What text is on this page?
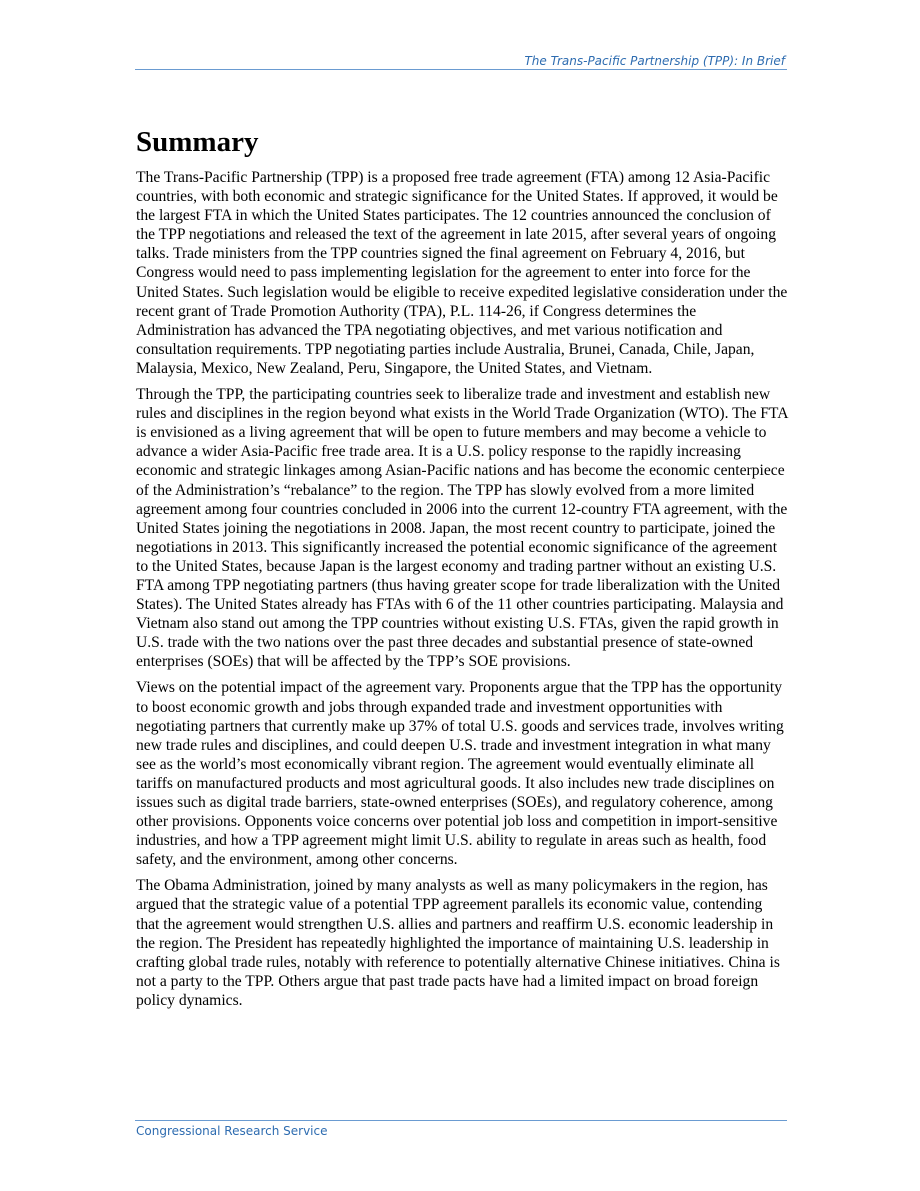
The Trans-Pacific Partnership (TPP): In Brief
Summary

The Trans-Pacific Partnership (TPP) is a proposed free trade agreement (FTA) among 12 Asia-Pacific countries, with both economic and strategic significance for the United States. If approved, it would be the largest FTA in which the United States participates. The 12 countries announced the conclusion of the TPP negotiations and released the text of the agreement in late 2015, after several years of ongoing talks. Trade ministers from the TPP countries signed the final agreement on February 4, 2016, but Congress would need to pass implementing legislation for the agreement to enter into force for the United States. Such legislation would be eligible to receive expedited legislative consideration under the recent grant of Trade Promotion Authority (TPA), P.L. 114-26, if Congress determines the Administration has advanced the TPA negotiating objectives, and met various notification and consultation requirements. TPP negotiating parties include Australia, Brunei, Canada, Chile, Japan, Malaysia, Mexico, New Zealand, Peru, Singapore, the United States, and Vietnam.

Through the TPP, the participating countries seek to liberalize trade and investment and establish new rules and disciplines in the region beyond what exists in the World Trade Organization (WTO). The FTA is envisioned as a living agreement that will be open to future members and may become a vehicle to advance a wider Asia-Pacific free trade area. It is a U.S. policy response to the rapidly increasing economic and strategic linkages among Asian-Pacific nations and has become the economic centerpiece of the Administration’s “rebalance” to the region. The TPP has slowly evolved from a more limited agreement among four countries concluded in 2006 into the current 12-country FTA agreement, with the United States joining the negotiations in 2008. Japan, the most recent country to participate, joined the negotiations in 2013. This significantly increased the potential economic significance of the agreement to the United States, because Japan is the largest economy and trading partner without an existing U.S. FTA among TPP negotiating partners (thus having greater scope for trade liberalization with the United States). The United States already has FTAs with 6 of the 11 other countries participating. Malaysia and Vietnam also stand out among the TPP countries without existing U.S. FTAs, given the rapid growth in U.S. trade with the two nations over the past three decades and substantial presence of state-owned enterprises (SOEs) that will be affected by the TPP’s SOE provisions.

Views on the potential impact of the agreement vary. Proponents argue that the TPP has the opportunity to boost economic growth and jobs through expanded trade and investment opportunities with negotiating partners that currently make up 37% of total U.S. goods and services trade, involves writing new trade rules and disciplines, and could deepen U.S. trade and investment integration in what many see as the world’s most economically vibrant region. The agreement would eventually eliminate all tariffs on manufactured products and most agricultural goods. It also includes new trade disciplines on issues such as digital trade barriers, state-owned enterprises (SOEs), and regulatory coherence, among other provisions. Opponents voice concerns over potential job loss and competition in import-sensitive industries, and how a TPP agreement might limit U.S. ability to regulate in areas such as health, food safety, and the environment, among other concerns.

The Obama Administration, joined by many analysts as well as many policymakers in the region, has argued that the strategic value of a potential TPP agreement parallels its economic value, contending that the agreement would strengthen U.S. allies and partners and reaffirm U.S. economic leadership in the region. The President has repeatedly highlighted the importance of maintaining U.S. leadership in crafting global trade rules, notably with reference to potentially alternative Chinese initiatives. China is not a party to the TPP. Others argue that past trade pacts have had a limited impact on broad foreign policy dynamics.

Congressional Research Service
